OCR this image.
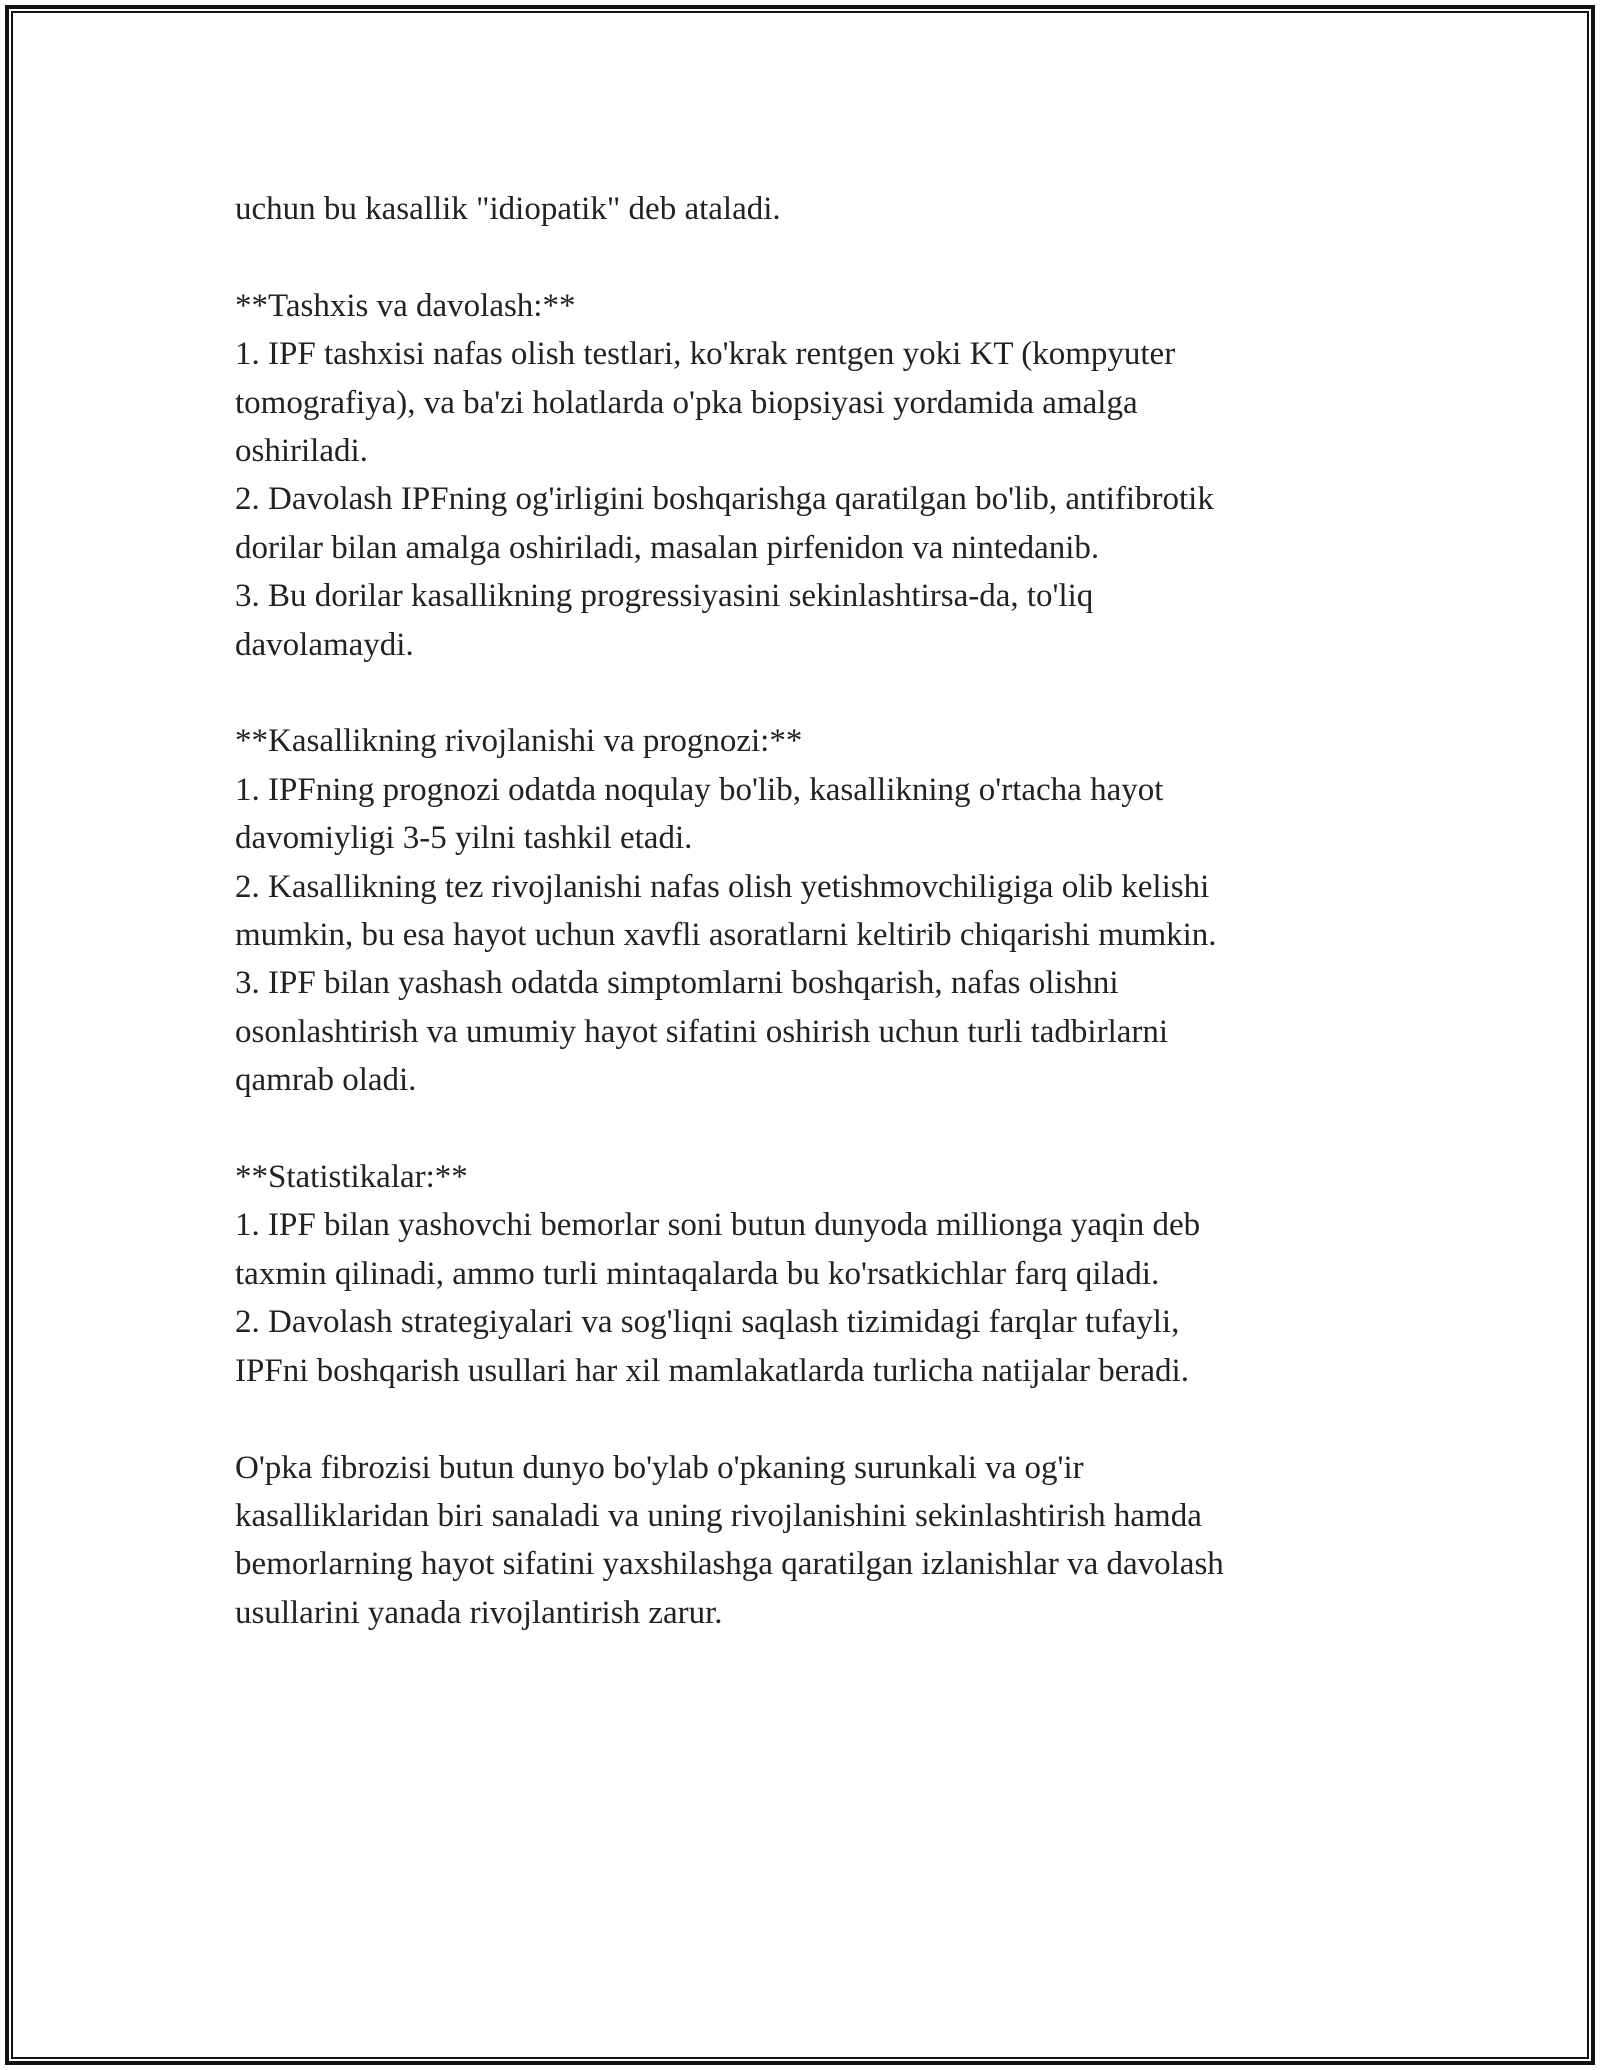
uchun bu kasallik "idiopatik" deb ataladi.

**Tashxis va davolash:**

1. IPF tashxisi nafas olish testlari, ko'krak rentgen yoki KT (kompyuter

tomografiya), va ba'zi holatlarda o'pka biopsiyasi yordamida amalga

oshiriladi.

2. Davolash IPFning og'irligini boshqarishga qaratilgan bo'lib, antifibrotik

dorilar bilan amalga oshiriladi, masalan pirfenidon va nintedanib.

3. Bu dorilar kasallikning progressiyasini sekinlashtirsa-da, to'liq

davolamaydi.

**Kasallikning rivojlanishi va prognozi:**

1. IPFning prognozi odatda noqulay bo'lib, kasallikning o'rtacha hayot

davomiyligi 3-5 yilni tashkil etadi.

2. Kasallikning tez rivojlanishi nafas olish yetishmovchiligiga olib kelishi

mumkin, bu esa hayot uchun xavfli asoratlarni keltirib chiqarishi mumkin.

3. IPF bilan yashash odatda simptomlarni boshqarish, nafas olishni

osonlashtirish va umumiy hayot sifatini oshirish uchun turli tadbirlarni

qamrab oladi.

**Statistikalar:**

1. IPF bilan yashovchi bemorlar soni butun dunyoda millionga yaqin deb

taxmin qilinadi, ammo turli mintaqalarda bu ko'rsatkichlar farq qiladi.

2. Davolash strategiyalari va sog'liqni saqlash tizimidagi farqlar tufayli,

IPFni boshqarish usullari har xil mamlakatlarda turlicha natijalar beradi.

O'pka fibrozisi butun dunyo bo'ylab o'pkaning surunkali va og'ir

kasalliklaridan biri sanaladi va uning rivojlanishini sekinlashtirish hamda

bemorlarning hayot sifatini yaxshilashga qaratilgan izlanishlar va davolash

usullarini yanada rivojlantirish zarur.
